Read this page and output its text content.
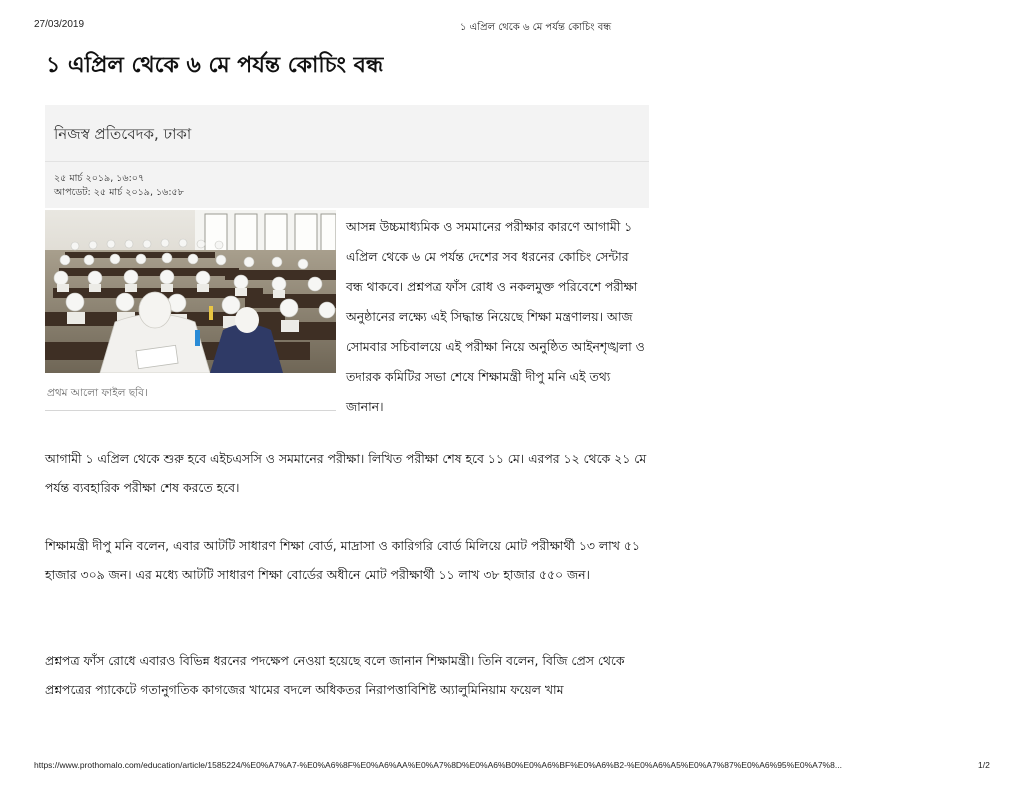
27/03/2019	১ এপ্রিল থেকে ৬ মে পর্যন্ত কোচিং বন্ধ
১ এপ্রিল থেকে ৬ মে পর্যন্ত কোচিং বন্ধ
নিজস্ব প্রতিবেদক, ঢাকা
২৫ মার্চ ২০১৯, ১৬:০৭
আপডেট: ২৫ মার্চ ২০১৯, ১৬:৫৮
প্রথম আলো ফাইল ছবি।
আসন্ন উচ্চমাধ্যমিক ও সমমানের পরীক্ষার কারণে আগামী ১ এপ্রিল থেকে ৬ মে পর্যন্ত দেশের সব ধরনের কোচিং সেন্টার বন্ধ থাকবে। প্রশ্নপত্র ফাঁস রোধ ও নকলমুক্ত পরিবেশে পরীক্ষা অনুষ্ঠানের লক্ষ্যে এই সিদ্ধান্ত নিয়েছে শিক্ষা মন্ত্রণালয়। আজ সোমবার সচিবালয়ে এই পরীক্ষা নিয়ে অনুষ্ঠিত আইনশৃঙ্খলা ও তদারক কমিটির সভা শেষে শিক্ষামন্ত্রী দীপু মনি এই তথ্য জানান।

আগামী ১ এপ্রিল থেকে শুরু হবে এইচএসসি ও সমমানের পরীক্ষা। লিখিত পরীক্ষা শেষ হবে ১১ মে। এরপর ১২ থেকে ২১ মে পর্যন্ত ব্যবহারিক পরীক্ষা শেষ করতে হবে।

শিক্ষামন্ত্রী দীপু মনি বলেন, এবার আটটি সাধারণ শিক্ষা বোর্ড, মাদ্রাসা ও কারিগরি বোর্ড মিলিয়ে মোট পরীক্ষার্থী ১৩ লাখ ৫১ হাজার ৩০৯ জন। এর মধ্যে আটটি সাধারণ শিক্ষা বোর্ডের অধীনে মোট পরীক্ষার্থী ১১ লাখ ৩৮ হাজার ৫৫০ জন।

প্রশ্নপত্র ফাঁস রোধে এবারও বিভিন্ন ধরনের পদক্ষেপ নেওয়া হয়েছে বলে জানান শিক্ষামন্ত্রী। তিনি বলেন, বিজি প্রেস থেকে প্রশ্নপত্রের প্যাকেটে গতানুগতিক কাগজের খামের বদলে অধিকতর নিরাপত্তাবিশিষ্ট অ্যালুমিনিয়াম ফয়েল খাম

https://www.prothomalo.com/education/article/1585224/%E0%A7%A7-%E0%A6%8F%E0%A6%AA%E0%A7%8D%E0%A6%B0%E0%A6%BF%E0%A6%B2-%E0%A6%A5%E0%A7%87%E0%A6%95%E0%A7%8...	1/2
